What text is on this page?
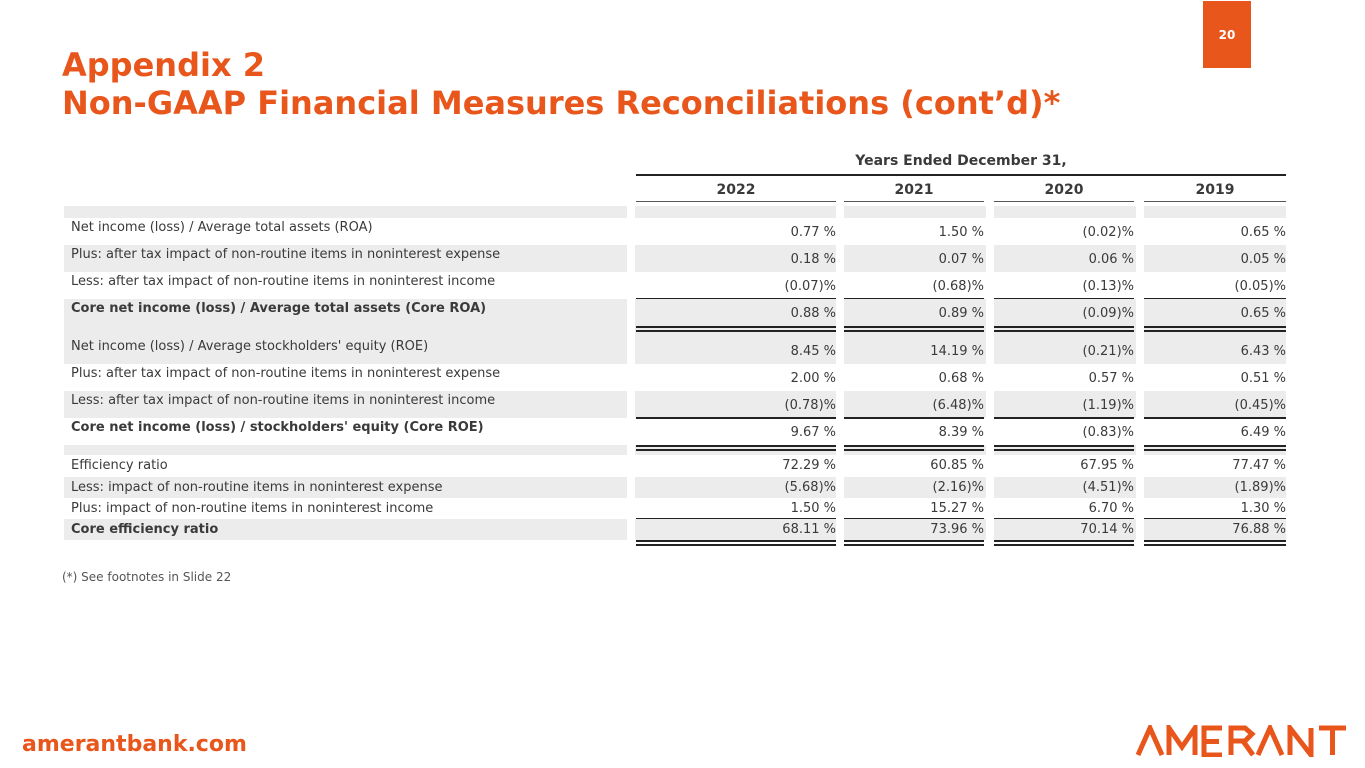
20
Appendix 2
Non-GAAP Financial Measures Reconciliations (cont’d)*
Years Ended December 31,
2022	2021	2020	2019
Net income (loss) / Average total assets (ROA)	0.77 %	1.50 %	(0.02)%	0.65 %
Plus: after tax impact of non-routine items in noninterest expense	0.18 %	0.07 %	0.06 %	0.05 %
Less: after tax impact of non-routine items in noninterest income	(0.07)%	(0.68)%	(0.13)%	(0.05)%
Core net income (loss) / Average total assets (Core ROA)	0.88 %	0.89 %	(0.09)%	0.65 %
Net income (loss) / Average stockholders' equity (ROE)	8.45 %	14.19 %	(0.21)%	6.43 %
Plus: after tax impact of non-routine items in noninterest expense	2.00 %	0.68 %	0.57 %	0.51 %
Less: after tax impact of non-routine items in noninterest income	(0.78)%	(6.48)%	(1.19)%	(0.45)%
Core net income (loss) / stockholders' equity (Core ROE)	9.67 %	8.39 %	(0.83)%	6.49 %
Efficiency ratio	72.29 %	60.85 %	67.95 %	77.47 %
Less: impact of non-routine items in noninterest expense	(5.68)%	(2.16)%	(4.51)%	(1.89)%
Plus: impact of non-routine items in noninterest income	1.50 %	15.27 %	6.70 %	1.30 %
Core efficiency ratio	68.11 %	73.96 %	70.14 %	76.88 %
(*) See footnotes in Slide 22
amerantbank.com
